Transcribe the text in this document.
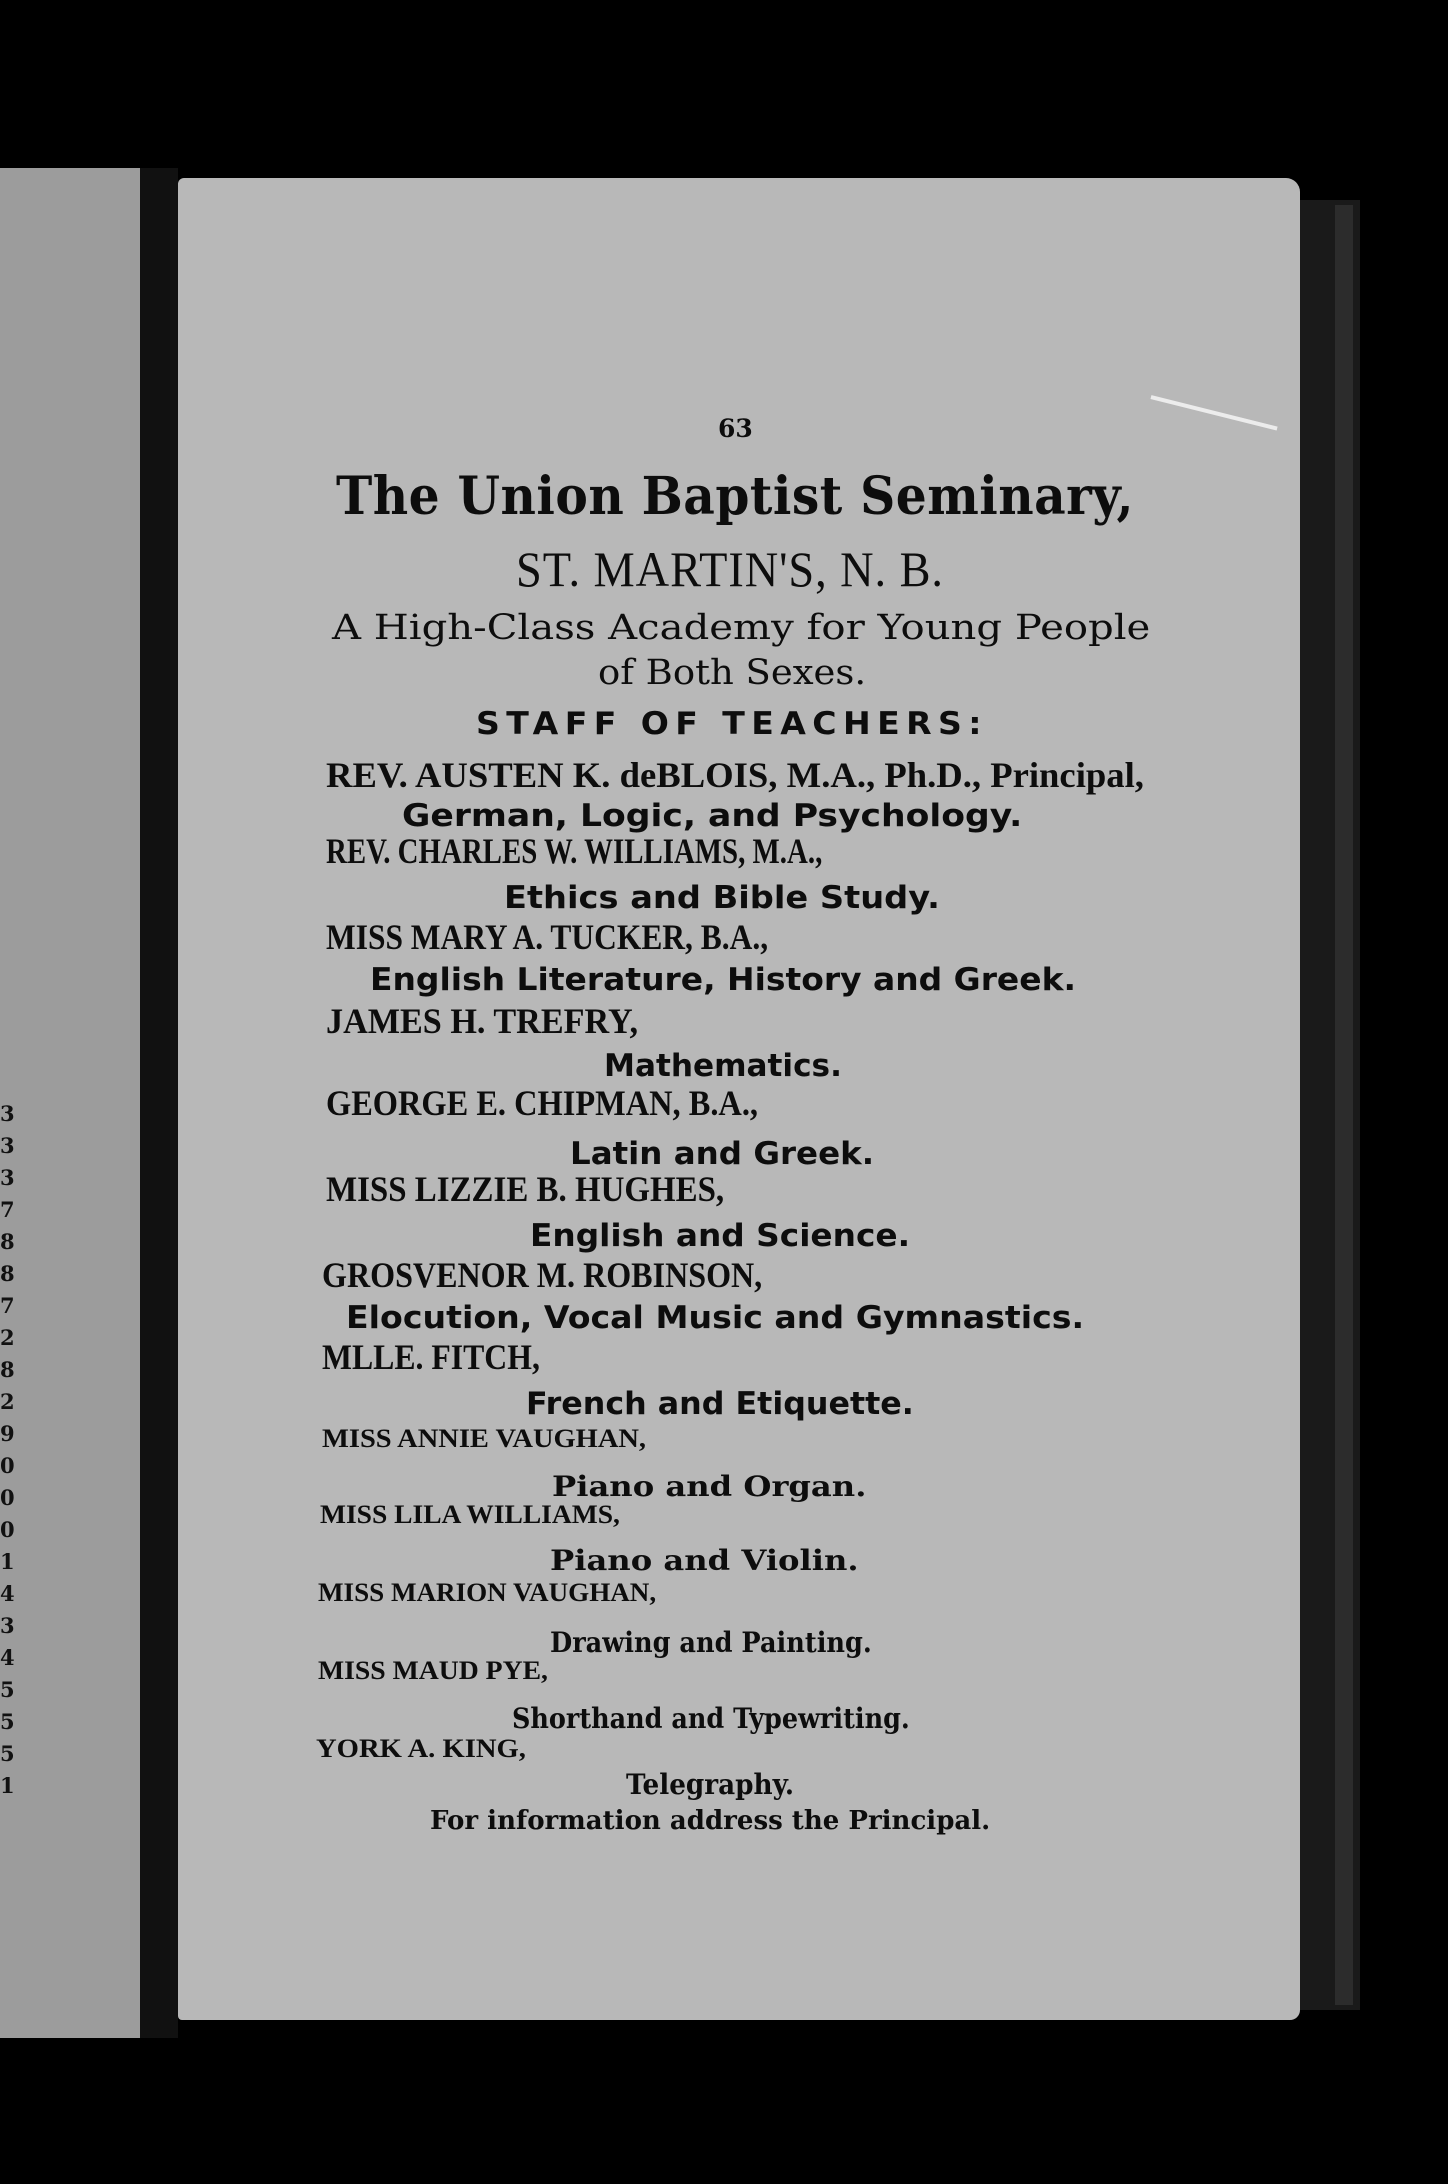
3
3
3
7
8
8
7
2
8
2
9
0
0
0
1
4
3
4
5
5
5
1

63

The Union Baptist Seminary,

ST. MARTIN'S, N. B.

A High-Class Academy for Young People

of Both Sexes.

STAFF OF TEACHERS:

REV. AUSTEN K. deBLOIS, M.A., Ph.D., Principal,

German, Logic, and Psychology.

REV. CHARLES W. WILLIAMS, M.A.,

Ethics and Bible Study.

MISS MARY A. TUCKER, B.A.,

English Literature, History and Greek.

JAMES H. TREFRY,

Mathematics.

GEORGE E. CHIPMAN, B.A.,

Latin and Greek.

MISS LIZZIE B. HUGHES,

English and Science.

GROSVENOR M. ROBINSON,

Elocution, Vocal Music and Gymnastics.

MLLE. FITCH,

French and Etiquette.

MISS ANNIE VAUGHAN,

Piano and Organ.

MISS LILA WILLIAMS,

Piano and Violin.

MISS MARION VAUGHAN,

Drawing and Painting.

MISS MAUD PYE,

Shorthand and Typewriting.

YORK A. KING,

Telegraphy.

For information address the Principal.
